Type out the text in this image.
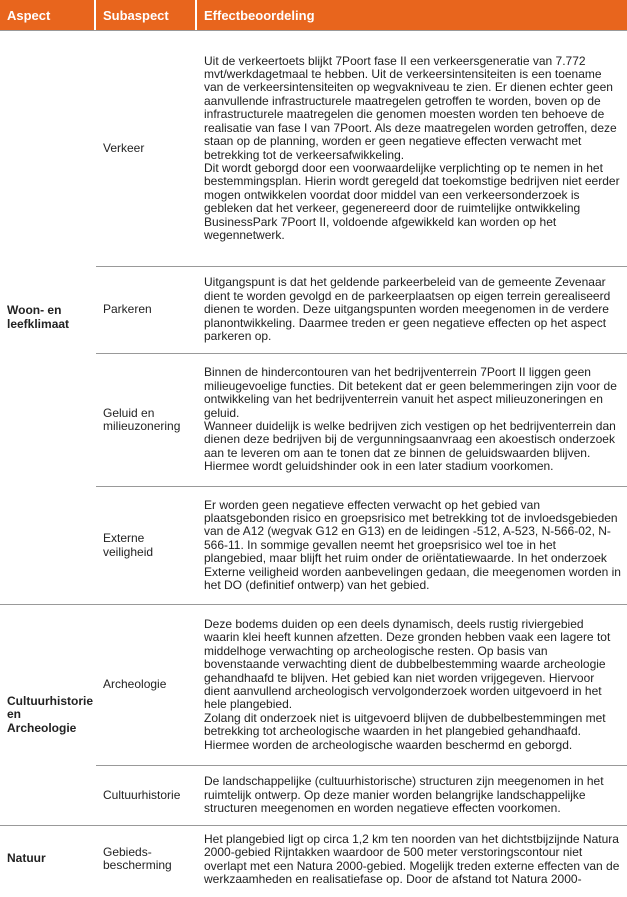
Aspect	Subaspect	Effectbeoordeling
Woon- en leefklimaat	Verkeer	Uit de verkeertoets blijkt 7Poort fase II een verkeersgeneratie van 7.772 mvt/werkdagetmaal te hebben. Uit de verkeersintensiteiten is een toename van de verkeersintensiteiten op wegvakniveau te zien. Er dienen echter geen aanvullende infrastructurele maatregelen getroffen te worden, boven op de infrastructurele maatregelen die genomen moesten worden ten behoeve de realisatie van fase I van 7Poort. Als deze maatregelen worden getroffen, deze staan op de planning, worden er geen negatieve effecten verwacht met betrekking tot de verkeersafwikkeling.
Dit wordt geborgd door een voorwaardelijke verplichting op te nemen in het bestemmingsplan. Hierin wordt geregeld dat toekomstige bedrijven niet eerder mogen ontwikkelen voordat door middel van een verkeersonderzoek is gebleken dat het verkeer, gegenereerd door de ruimtelijke ontwikkeling BusinessPark 7Poort II, voldoende afgewikkeld kan worden op het wegennetwerk.

	Parkeren	Uitgangspunt is dat het geldende parkeerbeleid van de gemeente Zevenaar dient te worden gevolgd en de parkeerplaatsen op eigen terrein gerealiseerd dienen te worden. Deze uitgangspunten worden meegenomen in de verdere planontwikkeling. Daarmee treden er geen negatieve effecten op het aspect parkeren op.

	Geluid en milieuzonering	Binnen de hindercontouren van het bedrijventerrein 7Poort II liggen geen milieugevoelige functies. Dit betekent dat er geen belemmeringen zijn voor de ontwikkeling van het bedrijventerrein vanuit het aspect milieuzoneringen en geluid.
Wanneer duidelijk is welke bedrijven zich vestigen op het bedrijventerrein dan dienen deze bedrijven bij de vergunningsaanvraag een akoestisch onderzoek aan te leveren om aan te tonen dat ze binnen de geluidswaarden blijven. Hiermee wordt geluidshinder ook in een later stadium voorkomen.

	Externe veiligheid	Er worden geen negatieve effecten verwacht op het gebied van plaatsgebonden risico en groepsrisico met betrekking tot de invloedsgebieden van de A12 (wegvak G12 en G13) en de leidingen -512, A-523, N-566-02, N-566-11. In sommige gevallen neemt het groepsrisico wel toe in het plangebied, maar blijft het ruim onder de oriëntatiewaarde. In het onderzoek Externe veiligheid worden aanbevelingen gedaan, die meegenomen worden in het DO (definitief ontwerp) van het gebied.

Cultuurhistorie en Archeologie	Archeologie	Deze bodems duiden op een deels dynamisch, deels rustig riviergebied waarin klei heeft kunnen afzetten. Deze gronden hebben vaak een lagere tot middelhoge verwachting op archeologische resten. Op basis van bovenstaande verwachting dient de dubbelbestemming waarde archeologie gehandhaafd te blijven. Het gebied kan niet worden vrijgegeven. Hiervoor dient aanvullend archeologisch vervolgonderzoek worden uitgevoerd in het hele plangebied.
Zolang dit onderzoek niet is uitgevoerd blijven de dubbelbestemmingen met betrekking tot archeologische waarden in het plangebied gehandhaafd. Hiermee worden de archeologische waarden beschermd en geborgd.

	Cultuurhistorie	De landschappelijke (cultuurhistorische) structuren zijn meegenomen in het ruimtelijk ontwerp. Op deze manier worden belangrijke landschappelijke structuren meegenomen en worden negatieve effecten voorkomen.

Natuur	Gebieds-bescherming	Het plangebied ligt op circa 1,2 km ten noorden van het dichtstbijzijnde Natura 2000-gebied Rijntakken waardoor de 500 meter verstoringscontour niet overlapt met een Natura 2000-gebied. Mogelijk treden externe effecten van de werkzaamheden en realisatiefase op. Door de afstand tot Natura 2000-
